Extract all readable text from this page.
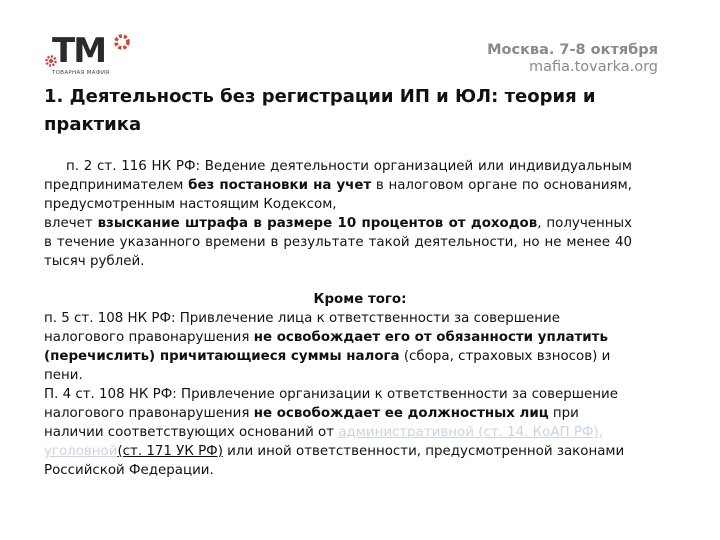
TM
ТОВАРНАЯ МАФИЯ
Москва. 7-8 октября
mafia.tovarka.org
1. Деятельность без регистрации ИП и ЮЛ: теория и
практика
п. 2 ст. 116 НК РФ: Ведение деятельности организацией или индивидуальным предпринимателем без постановки на учет в налоговом органе по основаниям, предусмотренным настоящим Кодексом,
влечет взыскание штрафа в размере 10 процентов от доходов, полученных в течение указанного времени в результате такой деятельности, но не менее 40 тысяч рублей.
Кроме того:
п. 5 ст. 108 НК РФ: Привлечение лица к ответственности за совершение налогового правонарушения не освобождает его от обязанности уплатить (перечислить) причитающиеся суммы налога (сбора, страховых взносов) и пени.
П. 4 ст. 108 НК РФ: Привлечение организации к ответственности за совершение налогового правонарушения не освобождает ее должностных лиц при наличии соответствующих оснований от административной (ст. 14. КоАП РФ), уголовной(ст. 171 УК РФ) или иной ответственности, предусмотренной законами Российской Федерации.
